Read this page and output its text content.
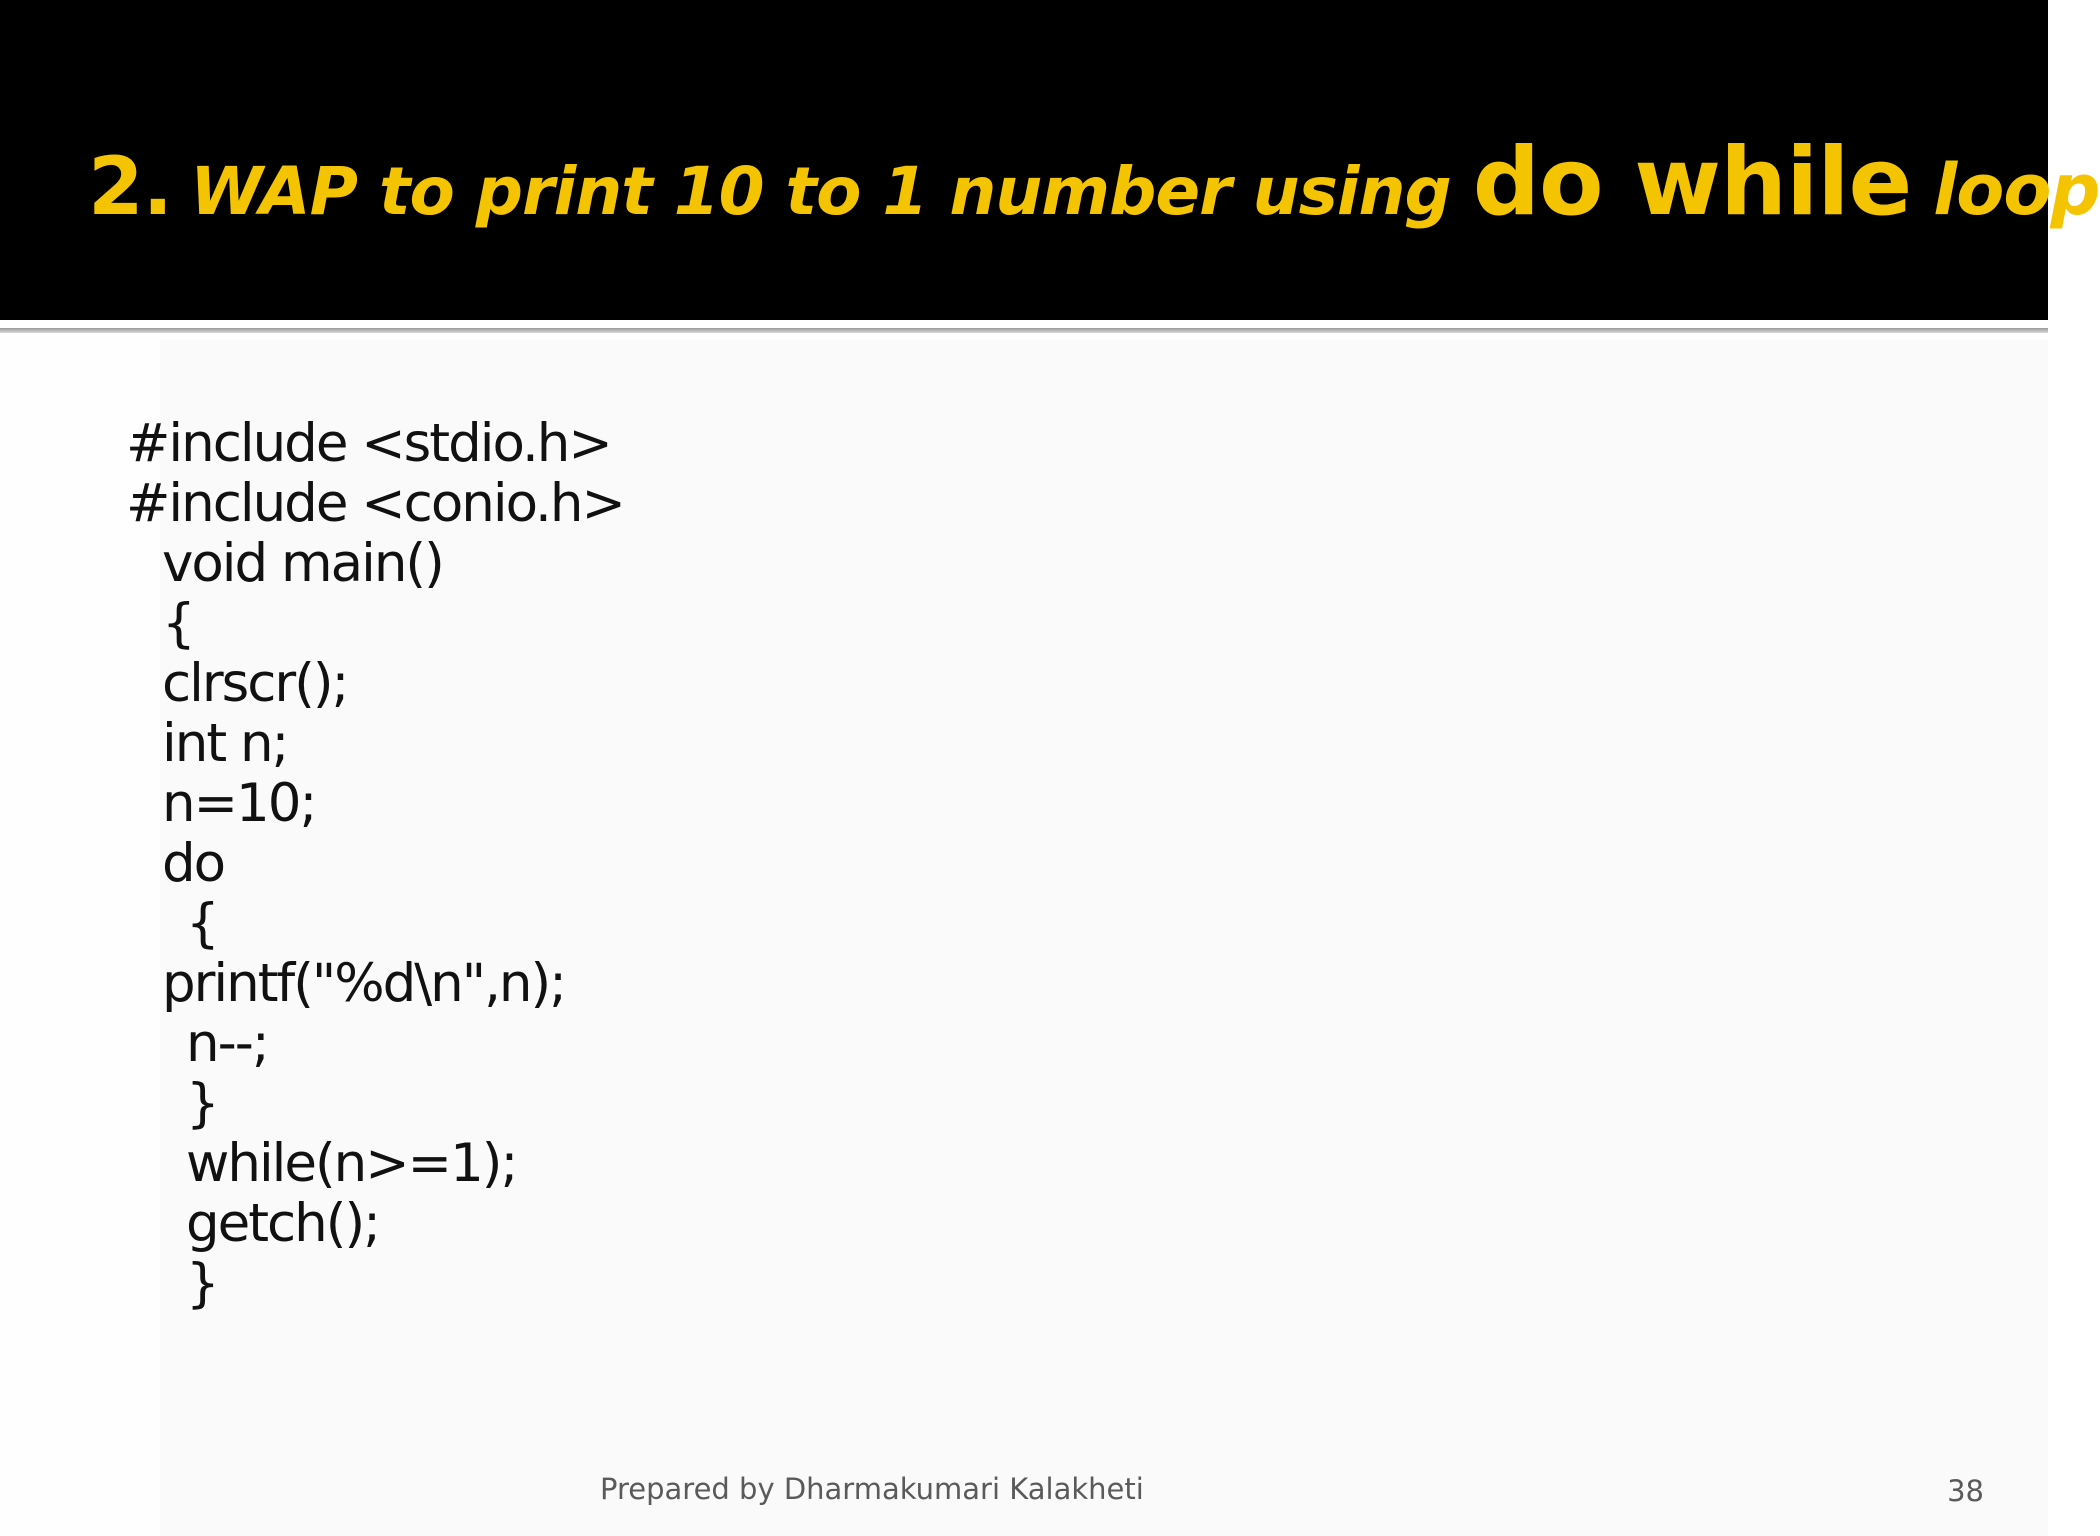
2. WAP to print 10 to 1 number using do while loop
#include <stdio.h>
#include <conio.h>
void main()
{
clrscr();
int n;
n=10;
do
{
printf("%d\n",n);
n--;
}
while(n>=1);
getch();
}
Prepared by Dharmakumari Kalakheti	38
